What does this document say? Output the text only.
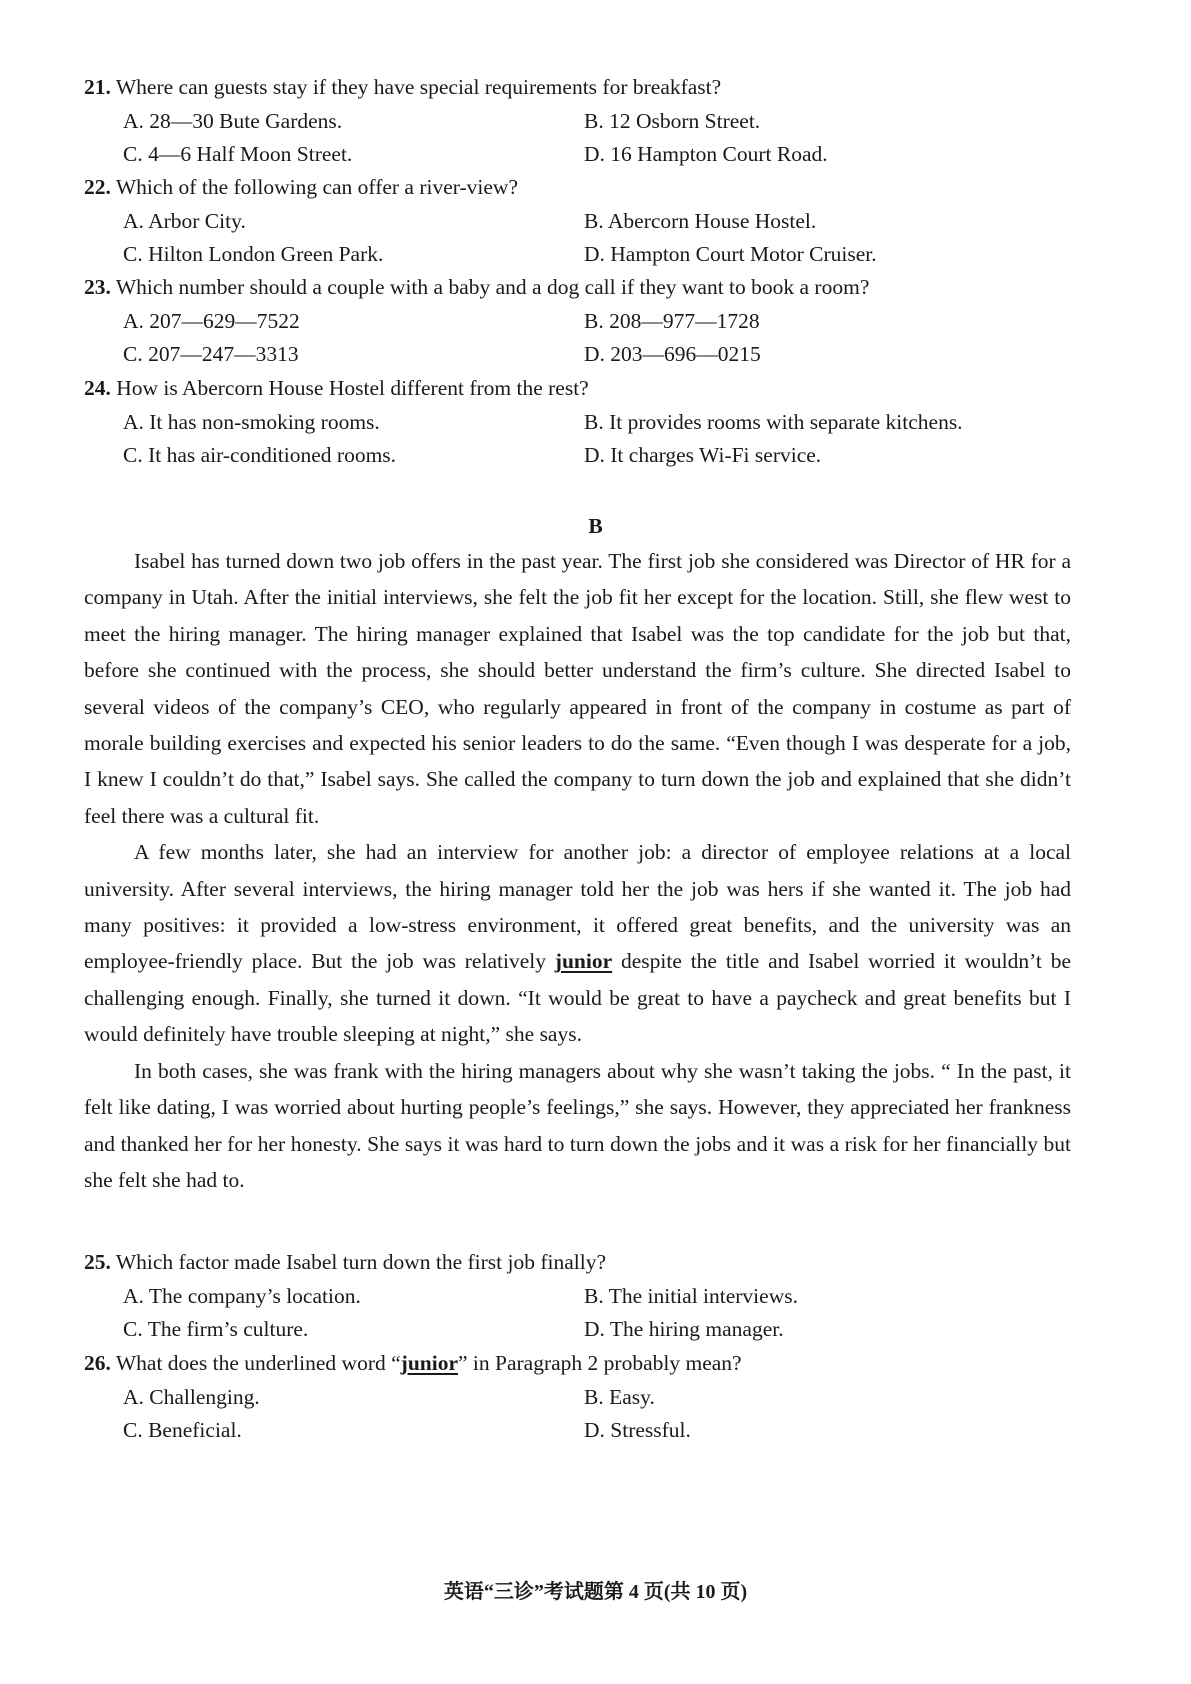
21. Where can guests stay if they have special requirements for breakfast?
A. 28—30 Bute Gardens.	B. 12 Osborn Street.
C. 4—6 Half Moon Street.	D. 16 Hampton Court Road.
22. Which of the following can offer a river-view?
A. Arbor City.	B. Abercorn House Hostel.
C. Hilton London Green Park.	D. Hampton Court Motor Cruiser.
23. Which number should a couple with a baby and a dog call if they want to book a room?
A. 207—629—7522	B. 208—977—1728
C. 207—247—3313	D. 203—696—0215
24. How is Abercorn House Hostel different from the rest?
A. It has non-smoking rooms.	B. It provides rooms with separate kitchens.
C. It has air-conditioned rooms.	D. It charges Wi-Fi service.
B

Isabel has turned down two job offers in the past year. The first job she considered was Director of HR for a company in Utah. After the initial interviews, she felt the job fit her except for the location. Still, she flew west to meet the hiring manager. The hiring manager explained that Isabel was the top candidate for the job but that, before she continued with the process, she should better understand the firm’s culture. She directed Isabel to several videos of the company’s CEO, who regularly appeared in front of the company in costume as part of morale building exercises and expected his senior leaders to do the same. “Even though I was desperate for a job, I knew I couldn’t do that,” Isabel says. She called the company to turn down the job and explained that she didn’t feel there was a cultural fit.

A few months later, she had an interview for another job: a director of employee relations at a local university. After several interviews, the hiring manager told her the job was hers if she wanted it. The job had many positives: it provided a low-stress environment, it offered great benefits, and the university was an employee-friendly place. But the job was relatively junior despite the title and Isabel worried it wouldn’t be challenging enough. Finally, she turned it down. “It would be great to have a paycheck and great benefits but I would definitely have trouble sleeping at night,” she says.

In both cases, she was frank with the hiring managers about why she wasn’t taking the jobs. “ In the past, it felt like dating, I was worried about hurting people’s feelings,” she says. However, they appreciated her frankness and thanked her for her honesty. She says it was hard to turn down the jobs and it was a risk for her financially but she felt she had to.

25. Which factor made Isabel turn down the first job finally?
A. The company’s location.	B. The initial interviews.
C. The firm’s culture.	D. The hiring manager.
26. What does the underlined word “junior” in Paragraph 2 probably mean?
A. Challenging.	B. Easy.
C. Beneficial.	D. Stressful.
英语“三诊”考试题第 4 页(共 10 页)
